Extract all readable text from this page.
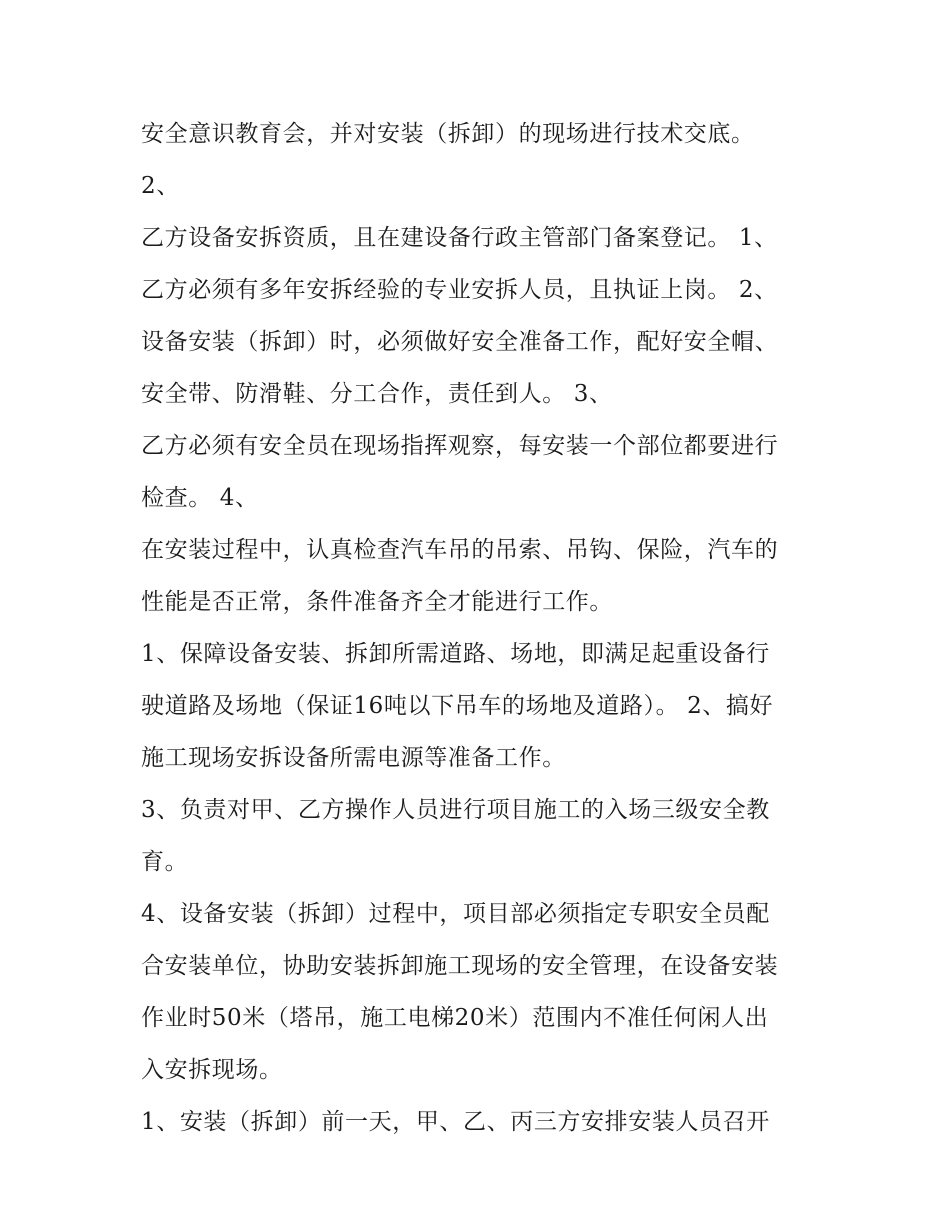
安全意识教育会，并对安装（拆卸）的现场进行技术交底。
2、
乙方设备安拆资质，且在建设备行政主管部门备案登记。 1、
乙方必须有多年安拆经验的专业安拆人员，且执证上岗。 2、
设备安装（拆卸）时，必须做好安全准备工作，配好安全帽、
安全带、防滑鞋、分工合作，责任到人。 3、
乙方必须有安全员在现场指挥观察，每安装一个部位都要进行
检查。 4、
在安装过程中，认真检查汽车吊的吊索、吊钩、保险，汽车的
性能是否正常，条件准备齐全才能进行工作。
1、保障设备安装、拆卸所需道路、场地，即满足起重设备行
驶道路及场地（保证16吨以下吊车的场地及道路）。 2、搞好
施工现场安拆设备所需电源等准备工作。
3、负责对甲、乙方操作人员进行项目施工的入场三级安全教
育。
4、设备安装（拆卸）过程中，项目部必须指定专职安全员配
合安装单位，协助安装拆卸施工现场的安全管理，在设备安装
作业时50米（塔吊，施工电梯20米）范围内不准任何闲人出
入安拆现场。
1、安装（拆卸）前一天，甲、乙、丙三方安排安装人员召开
